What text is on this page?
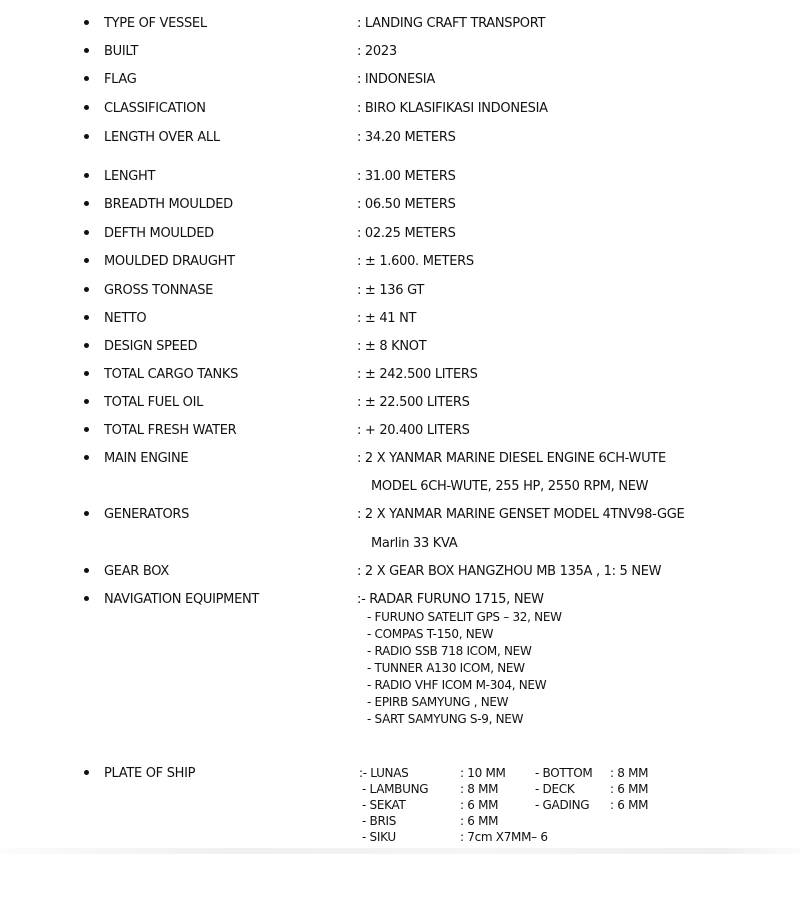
TYPE OF VESSEL	: LANDING CRAFT TRANSPORT
BUILT	: 2023
FLAG	: INDONESIA
CLASSIFICATION	: BIRO KLASIFIKASI INDONESIA
LENGTH OVER ALL	: 34.20 METERS
LENGHT	: 31.00 METERS
BREADTH MOULDED	: 06.50 METERS
DEFTH MOULDED	: 02.25 METERS
MOULDED DRAUGHT	: ± 1.600. METERS
GROSS TONNASE	: ± 136 GT
NETTO	: ± 41 NT
DESIGN SPEED	: ± 8 KNOT
TOTAL CARGO TANKS	: ± 242.500 LITERS
TOTAL FUEL OIL	: ± 22.500 LITERS
TOTAL FRESH WATER	: + 20.400 LITERS
MAIN ENGINE	: 2 X YANMAR MARINE DIESEL ENGINE 6CH-WUTE
MODEL 6CH-WUTE, 255 HP, 2550 RPM, NEW
GENERATORS	: 2 X YANMAR MARINE GENSET MODEL 4TNV98-GGE
Marlin 33 KVA
GEAR BOX	: 2 X GEAR BOX HANGZHOU MB 135A , 1: 5 NEW
NAVIGATION EQUIPMENT	:- RADAR FURUNO 1715, NEW
- FURUNO SATELIT GPS – 32, NEW
- COMPAS T-150, NEW
- RADIO SSB 718 ICOM, NEW
- TUNNER A130 ICOM, NEW
- RADIO VHF ICOM M-304, NEW
- EPIRB SAMYUNG , NEW
- SART SAMYUNG S-9, NEW
PLATE OF SHIP	:- LUNAS	: 10 MM - BOTTOM : 8 MM
- LAMBUNG	: 8 MM	- DECK	: 6 MM
- SEKAT	: 6 MM	- GADING : 6 MM
- BRIS	: 6 MM
- SIKU	: 7cm X7MM– 6
